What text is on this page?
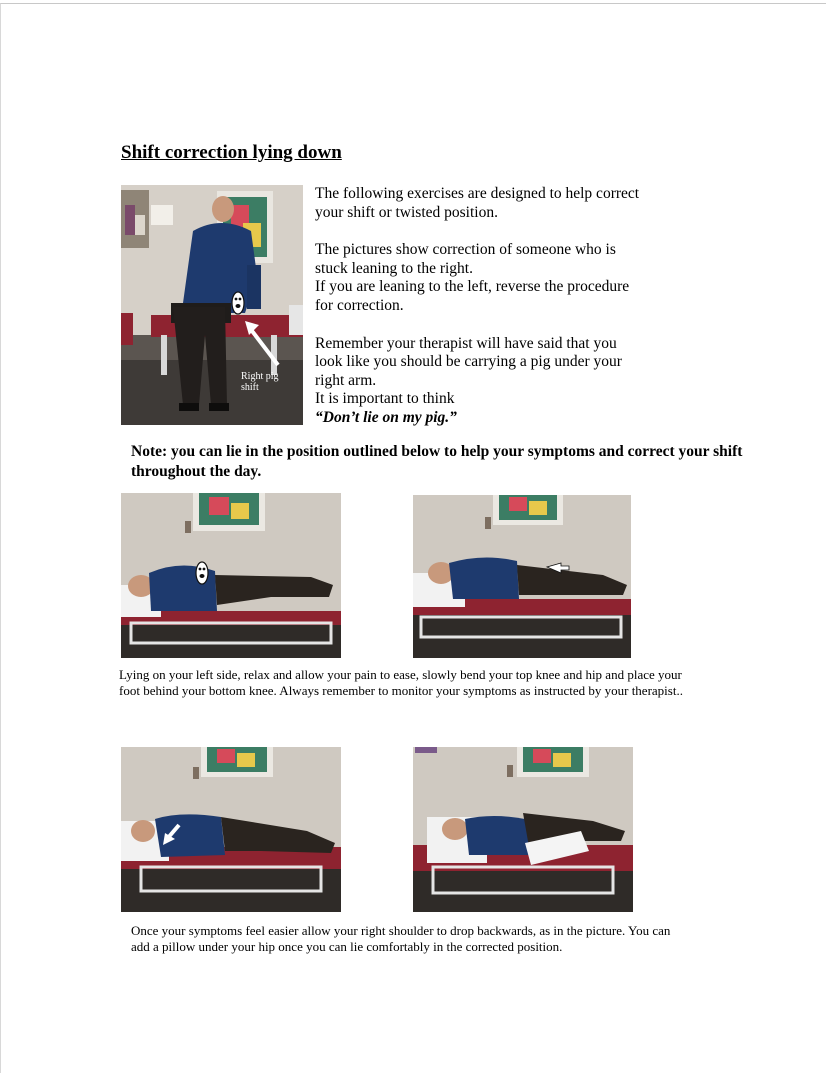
Shift correction lying down
Right pig shift

The following exercises are designed to help correct your shift or twisted position.

The pictures show correction of someone who is stuck leaning to the right.

If you are leaning to the left, reverse the procedure for correction.

Remember your therapist will have said that you look like you should be carrying a pig under your right arm.

It is important to think

“Don’t lie on my pig.”

Note: you can lie in the position outlined below to help your symptoms and correct your shift throughout the day.
Lying on your left side, relax and allow your pain to ease, slowly bend your top knee and hip and place your foot behind your bottom knee. Always remember to monitor your symptoms as instructed by your therapist..
Once your symptoms feel easier allow your right shoulder to drop backwards, as in the picture. You can add a pillow under your hip once you can lie comfortably in the corrected position.
